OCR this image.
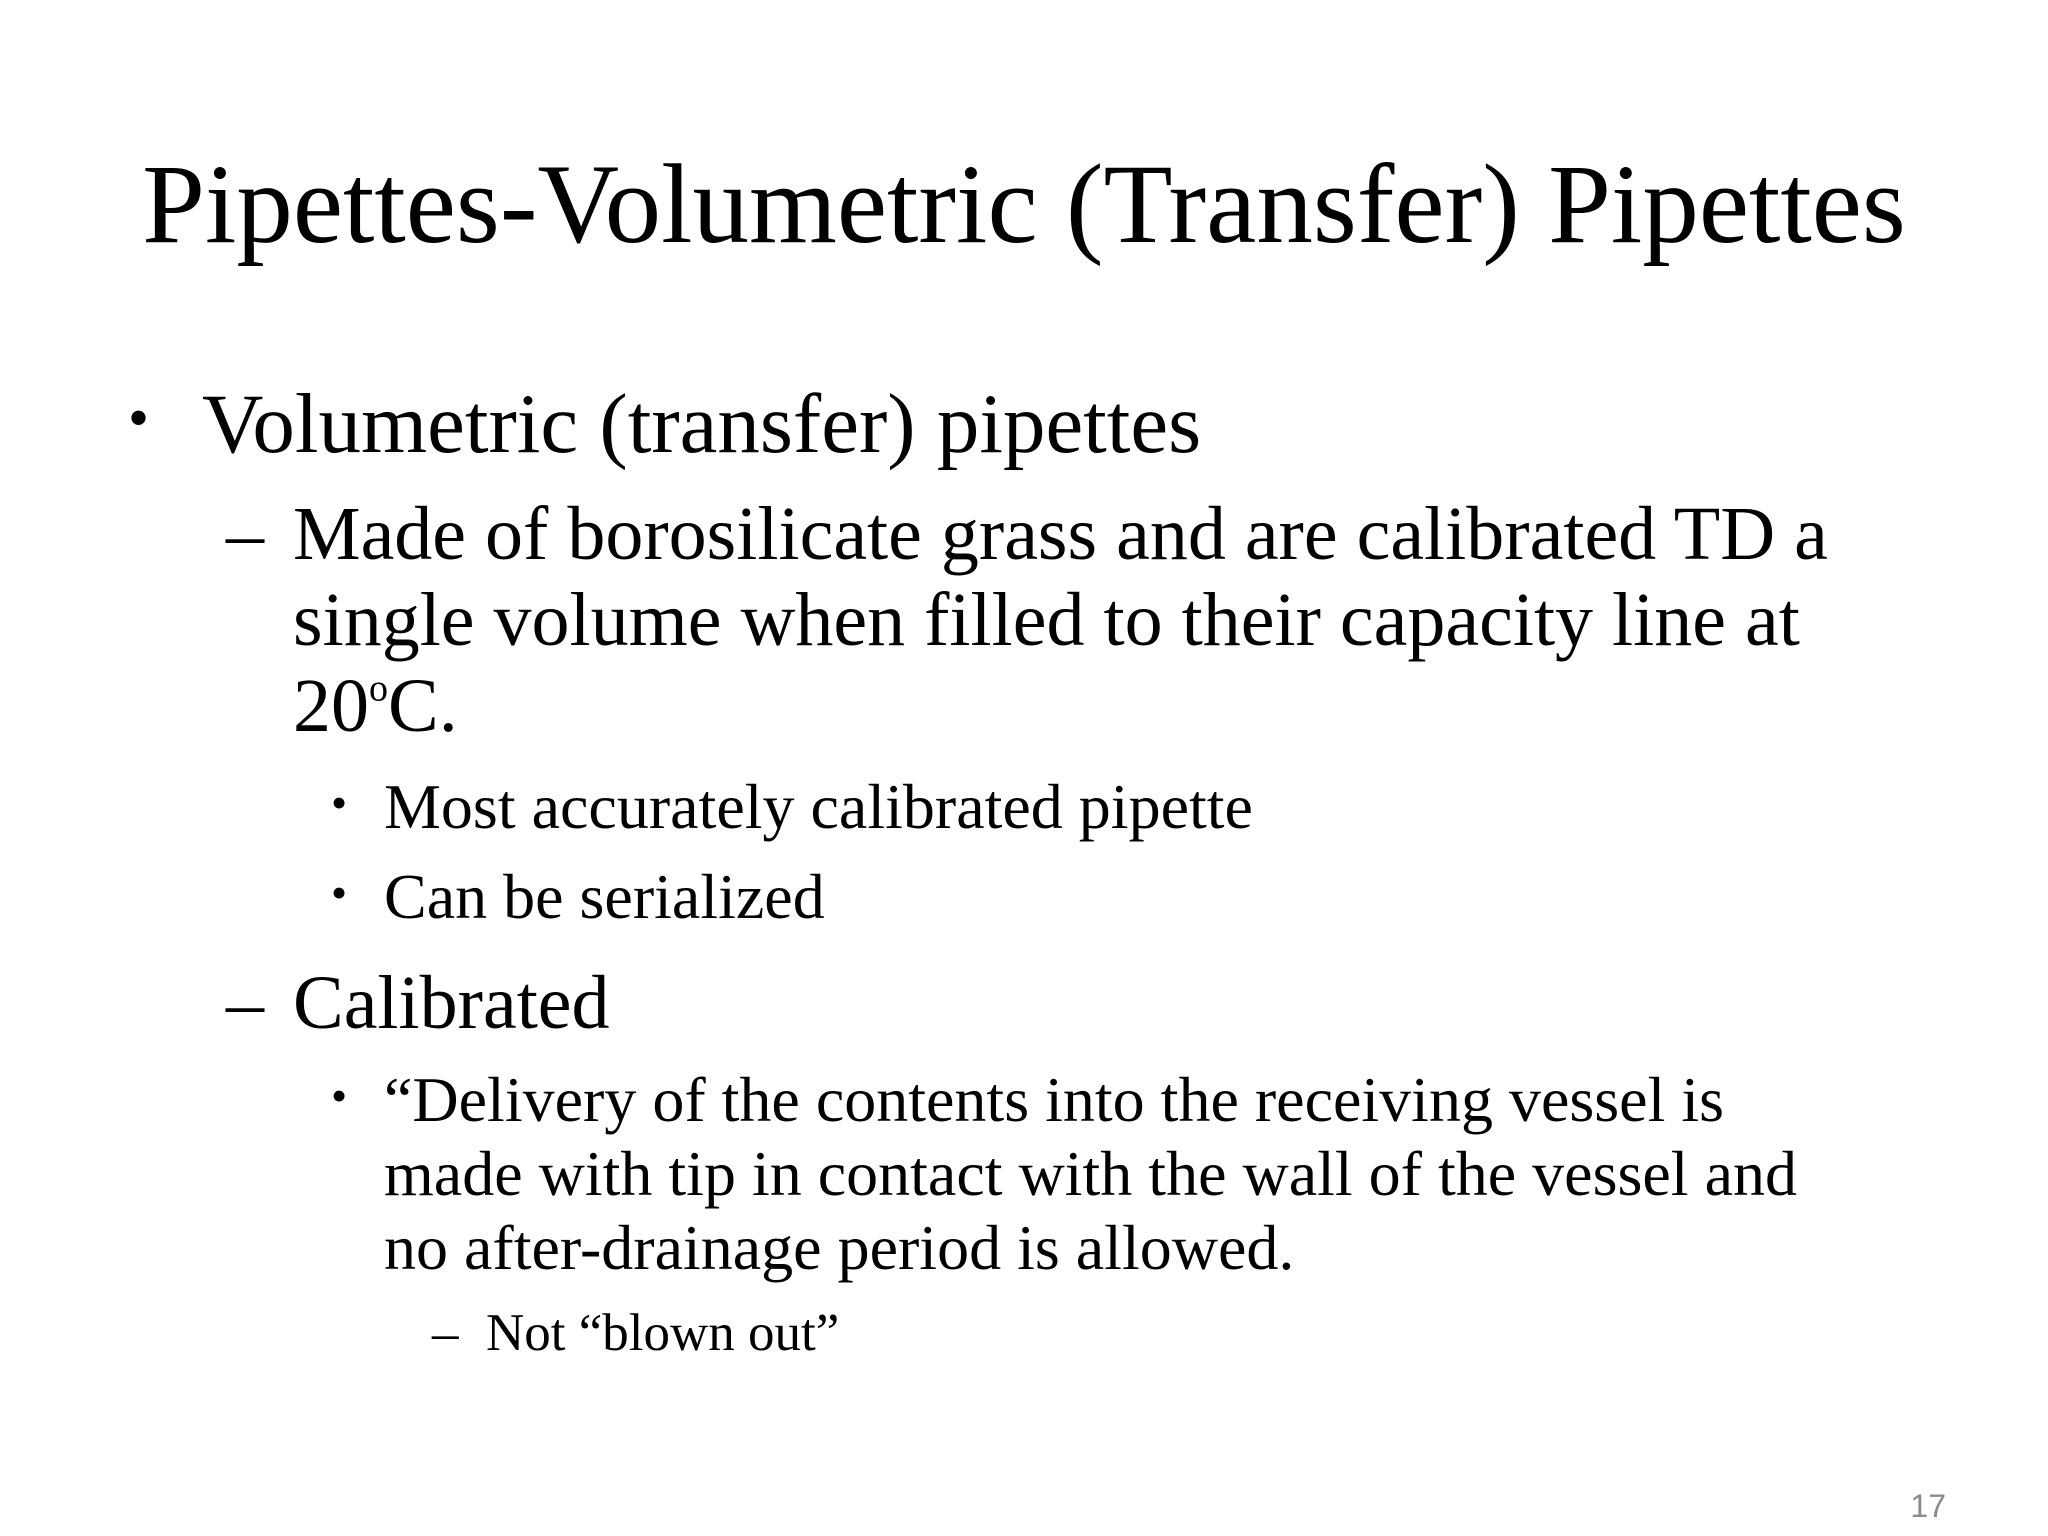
Pipettes-Volumetric (Transfer) Pipettes
• Volumetric (transfer) pipettes
– Made of borosilicate grass and are calibrated TD a
single volume when filled to their capacity line at
20$^o$C.
• Most accurately calibrated pipette
• Can be serialized
– Calibrated
• “Delivery of the contents into the receiving vessel is
made with tip in contact with the wall of the vessel and
no after-drainage period is allowed.
– Not “blown out”
17
